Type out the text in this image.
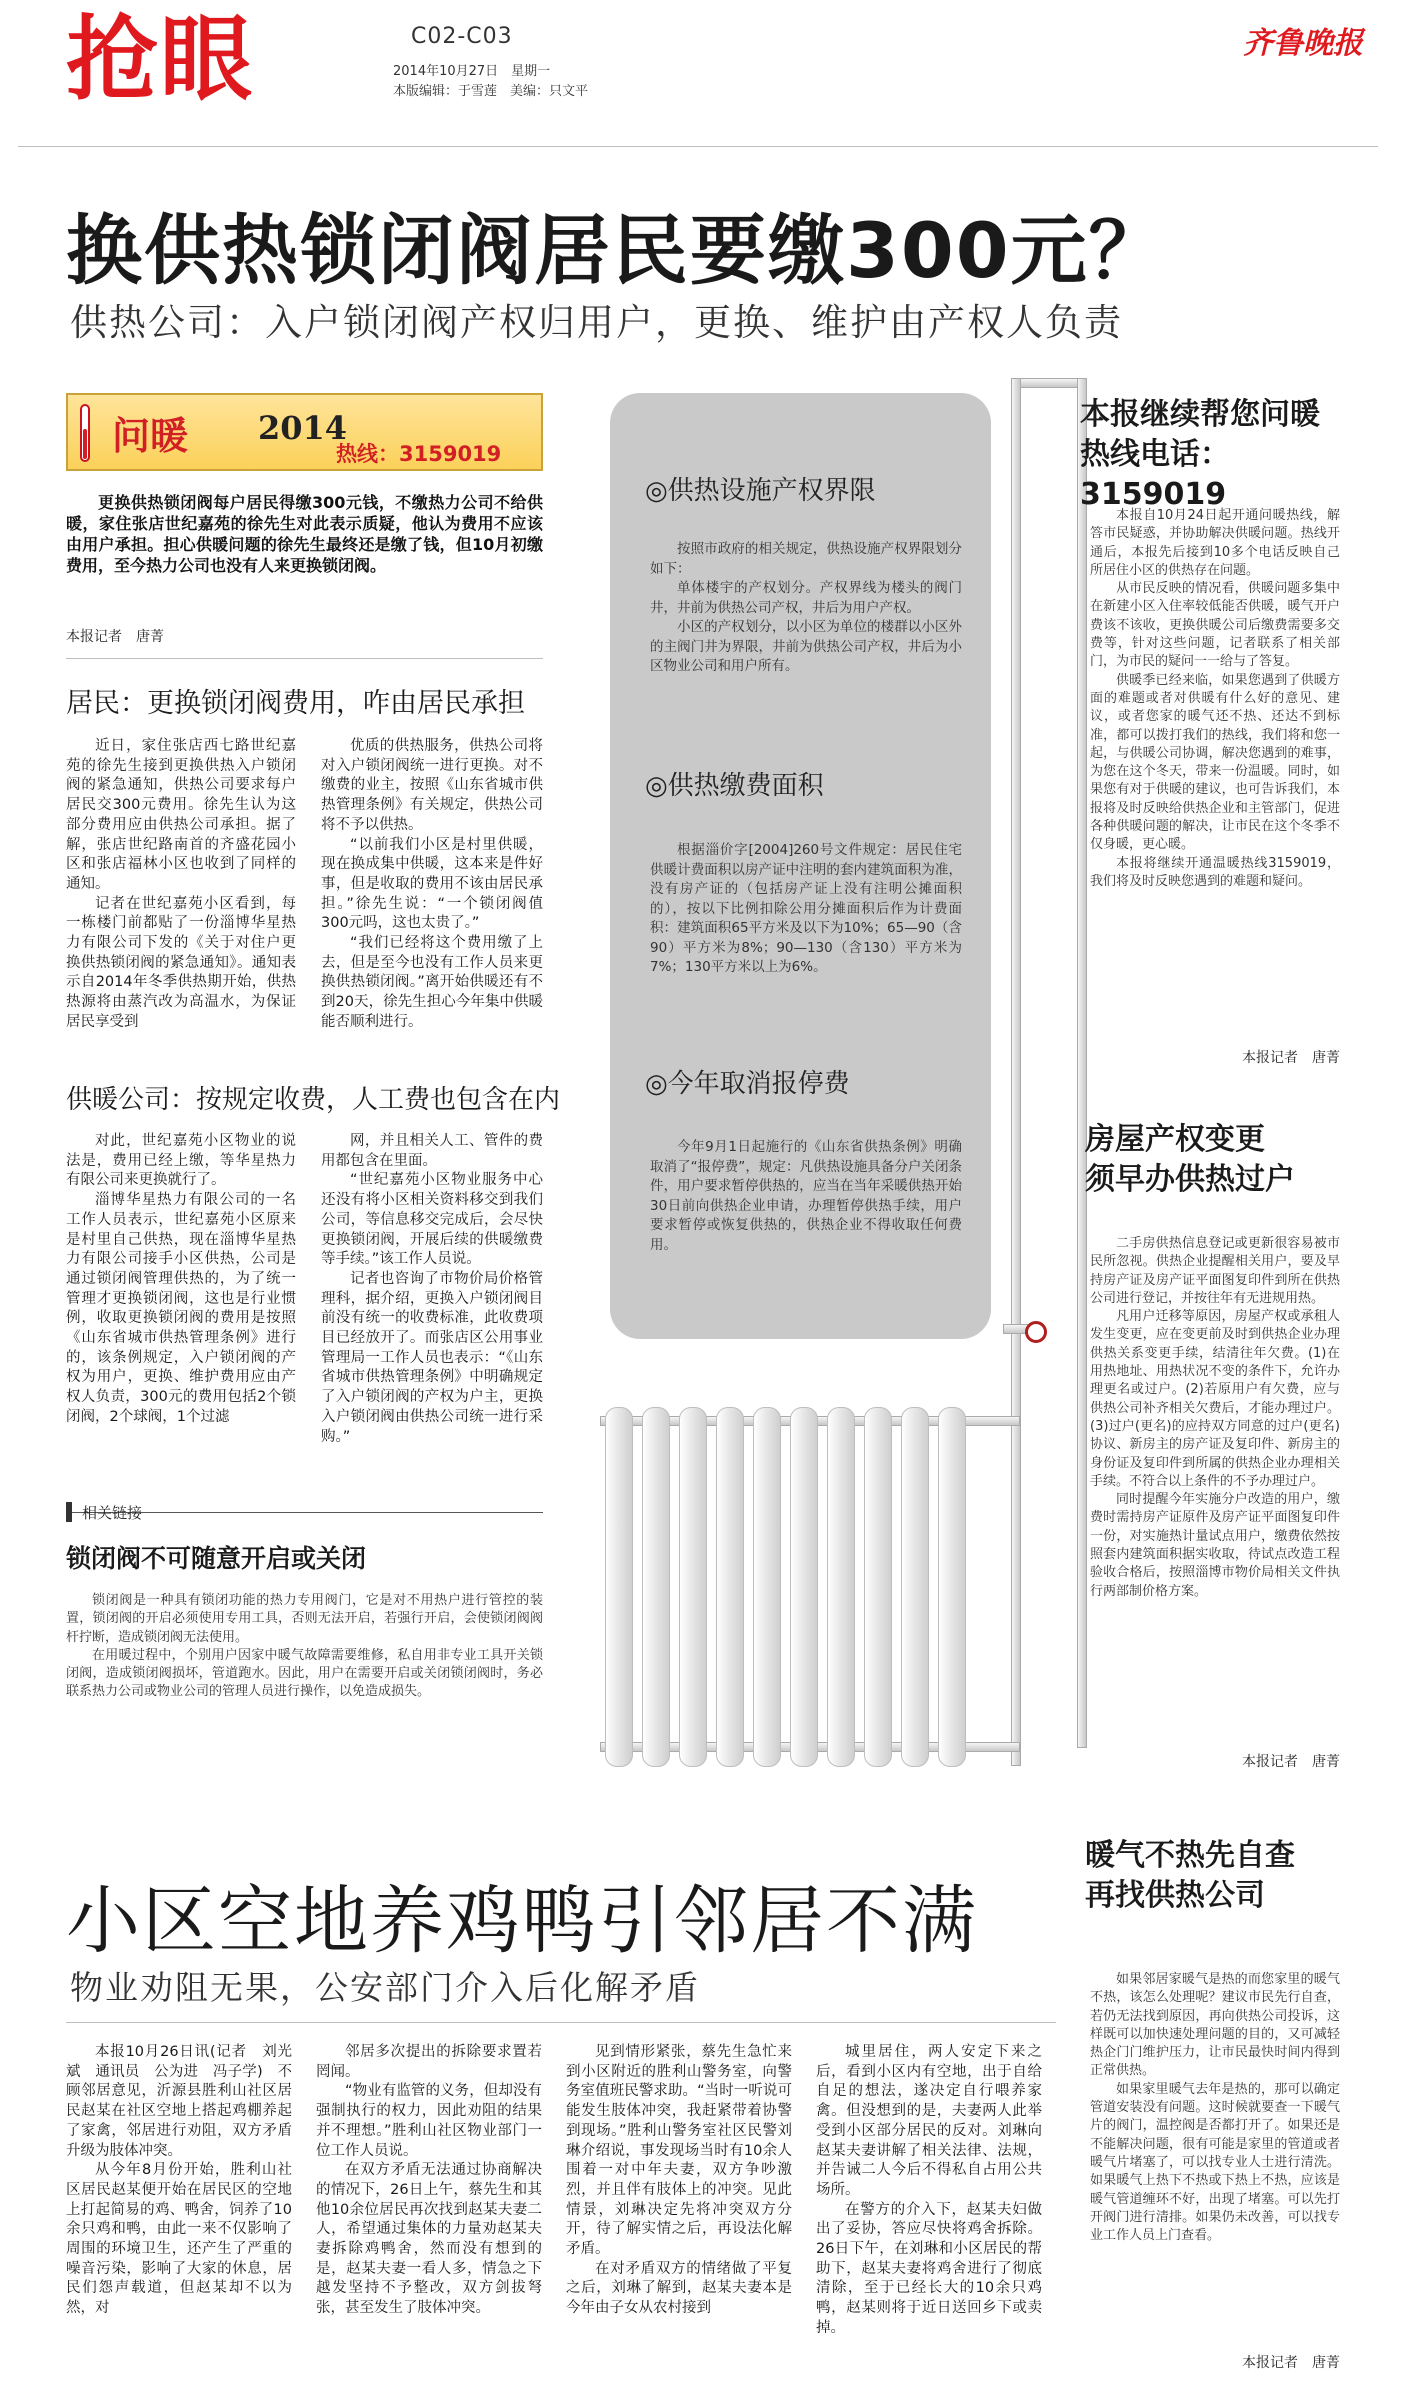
抢眼	C02-C03
2014年10月27日　星期一
本版编辑：于雪莲　美编：只文平
齐鲁晚报
换供热锁闭阀居民要缴300元？
供热公司：入户锁闭阀产权归用户，更换、维护由产权人负责
问暖 2014
热线：3159019

更换供热锁闭阀每户居民得缴300元钱，不缴热力公司不给供暖，家住张店世纪嘉苑的徐先生对此表示质疑，他认为费用不应该由用户承担。担心供暖问题的徐先生最终还是缴了钱，但10月初缴费用，至今热力公司也没有人来更换锁闭阀。

本报记者　唐菁
居民：更换锁闭阀费用，咋由居民承担

近日，家住张店西七路世纪嘉苑的徐先生接到更换供热入户锁闭阀的紧急通知，供热公司要求每户居民交300元费用。徐先生认为这部分费用应由供热公司承担。据了解，张店世纪路南首的齐盛花园小区和张店福林小区也收到了同样的通知。

记者在世纪嘉苑小区看到，每一栋楼门前都贴了一份淄博华星热力有限公司下发的《关于对住户更换供热锁闭阀的紧急通知》。通知表示自2014年冬季供热期开始，供热热源将由蒸汽改为高温水，为保证居民享受到

优质的供热服务，供热公司将对入户锁闭阀统一进行更换。对不缴费的业主，按照《山东省城市供热管理条例》有关规定，供热公司将不予以供热。

“以前我们小区是村里供暖，现在换成集中供暖，这本来是件好事，但是收取的费用不该由居民承担。”徐先生说：“一个锁闭阀值300元吗，这也太贵了。”

“我们已经将这个费用缴了上去，但是至今也没有工作人员来更换供热锁闭阀。”离开始供暖还有不到20天，徐先生担心今年集中供暖能否顺利进行。

供暖公司：按规定收费，人工费也包含在内

对此，世纪嘉苑小区物业的说法是，费用已经上缴，等华星热力有限公司来更换就行了。

淄博华星热力有限公司的一名工作人员表示，世纪嘉苑小区原来是村里自己供热，现在淄博华星热力有限公司接手小区供热，公司是通过锁闭阀管理供热的，为了统一管理才更换锁闭阀，这也是行业惯例，收取更换锁闭阀的费用是按照《山东省城市供热管理条例》进行的，该条例规定，入户锁闭阀的产权为用户，更换、维护费用应由产权人负责，300元的费用包括2个锁闭阀，2个球阀，1个过滤

网，并且相关人工、管件的费用都包含在里面。

“世纪嘉苑小区物业服务中心还没有将小区相关资料移交到我们公司，等信息移交完成后，会尽快更换锁闭阀，开展后续的供暖缴费等手续。”该工作人员说。

记者也咨询了市物价局价格管理科，据介绍，更换入户锁闭阀目前没有统一的收费标准，此收费项目已经放开了。而张店区公用事业管理局一工作人员也表示：“《山东省城市供热管理条例》中明确规定了入户锁闭阀的产权为户主，更换入户锁闭阀由供热公司统一进行采购。”

相关链接
锁闭阀不可随意开启或关闭

锁闭阀是一种具有锁闭功能的热力专用阀门，它是对不用热户进行管控的装置，锁闭阀的开启必须使用专用工具，否则无法开启，若强行开启，会使锁闭阀阀杆拧断，造成锁闭阀无法使用。

在用暖过程中，个别用户因家中暖气故障需要维修，私自用非专业工具开关锁闭阀，造成锁闭阀损坏，管道跑水。因此，用户在需要开启或关闭锁闭阀时，务必联系热力公司或物业公司的管理人员进行操作，以免造成损失。

◎供热设施产权界限

按照市政府的相关规定，供热设施产权界限划分如下：

单体楼宇的产权划分。产权界线为楼头的阀门井，井前为供热公司产权，井后为用户产权。

小区的产权划分，以小区为单位的楼群以小区外的主阀门井为界限，井前为供热公司产权，井后为小区物业公司和用户所有。

◎供热缴费面积

根据淄价字[2004]260号文件规定：居民住宅供暖计费面积以房产证中注明的套内建筑面积为准，没有房产证的（包括房产证上没有注明公摊面积的），按以下比例扣除公用分摊面积后作为计费面积：建筑面积65平方米及以下为10%；65—90（含90）平方米为8%；90—130（含130）平方米为7%；130平方米以上为6%。

◎今年取消报停费

今年9月1日起施行的《山东省供热条例》明确取消了“报停费”，规定：凡供热设施具备分户关闭条件，用户要求暂停供热的，应当在当年采暖供热开始30日前向供热企业申请，办理暂停供热手续，用户要求暂停或恢复供热的，供热企业不得收取任何费用。

本报继续帮您问暖
热线电话：3159019

本报自10月24日起开通问暖热线，解答市民疑惑，并协助解决供暖问题。热线开通后，本报先后接到10多个电话反映自己所居住小区的供热存在问题。

从市民反映的情况看，供暖问题多集中在新建小区入住率较低能否供暖，暖气开户费该不该收，更换供暖公司后缴费需要多交费等，针对这些问题，记者联系了相关部门，为市民的疑问一一给与了答复。

供暖季已经来临，如果您遇到了供暖方面的难题或者对供暖有什么好的意见、建议，或者您家的暖气还不热、还达不到标准，都可以拨打我们的热线，我们将和您一起，与供暖公司协调，解决您遇到的难事，为您在这个冬天，带来一份温暖。同时，如果您有对于供暖的建议，也可告诉我们，本报将及时反映给供热企业和主管部门，促进各种供暖问题的解决，让市民在这个冬季不仅身暖，更心暖。

本报将继续开通温暖热线3159019，我们将及时反映您遇到的难题和疑问。

本报记者　唐菁
房屋产权变更
须早办供热过户

二手房供热信息登记或更新很容易被市民所忽视。供热企业提醒相关用户，要及早持房产证及房产证平面图复印件到所在供热公司进行登记，并按往年有无进规用热。

凡用户迁移等原因，房屋产权或承租人发生变更，应在变更前及时到供热企业办理供热关系变更手续，结清往年欠费。(1)在用热地址、用热状况不变的条件下，允许办理更名或过户。(2)若原用户有欠费，应与供热公司补齐相关欠费后，才能办理过户。(3)过户(更名)的应持双方同意的过户(更名)协议、新房主的房产证及复印件、新房主的身份证及复印件到所属的供热企业办理相关手续。不符合以上条件的不予办理过户。

同时提醒今年实施分户改造的用户，缴费时需持房产证原件及房产证平面图复印件一份，对实施热计量试点用户，缴费依然按照套内建筑面积据实收取，待试点改造工程验收合格后，按照淄博市物价局相关文件执行两部制价格方案。

本报记者　唐菁
暖气不热先自查
再找供热公司

如果邻居家暖气是热的而您家里的暖气不热，该怎么处理呢？建议市民先行自查，若仍无法找到原因，再向供热公司投诉，这样既可以加快速处理问题的目的，又可减轻热企门门维护压力，让市民最快时间内得到正常供热。

如果家里暖气去年是热的，那可以确定管道安装没有问题。这时候就要查一下暖气片的阀门，温控阀是否都打开了。如果还是不能解决问题，很有可能是家里的管道或者暖气片堵塞了，可以找专业人士进行清洗。如果暖气上热下不热或下热上不热，应该是暖气管道缠环不好，出现了堵塞。可以先打开阀门进行清排。如果仍未改善，可以找专业工作人员上门查看。

本报记者　唐菁
小区空地养鸡鸭引邻居不满
物业劝阻无果，公安部门介入后化解矛盾

本报10月26日讯(记者　刘光斌　通讯员　公为进　冯子学)　不顾邻居意见，沂源县胜利山社区居民赵某在社区空地上搭起鸡棚养起了家禽，邻居进行劝阻，双方矛盾升级为肢体冲突。

从今年8月份开始，胜利山社区居民赵某便开始在居民区的空地上打起简易的鸡、鸭舍，饲养了10余只鸡和鸭，由此一来不仅影响了周围的环境卫生，还产生了严重的噪音污染，影响了大家的休息，居民们怨声载道，但赵某却不以为然，对

邻居多次提出的拆除要求置若罔闻。

“物业有监管的义务，但却没有强制执行的权力，因此劝阻的结果并不理想。”胜利山社区物业部门一位工作人员说。

在双方矛盾无法通过协商解决的情况下，26日上午，蔡先生和其他10余位居民再次找到赵某夫妻二人，希望通过集体的力量劝赵某夫妻拆除鸡鸭舍，然而没有想到的是，赵某夫妻一看人多，情急之下越发坚持不予整改，双方剑拔弩张，甚至发生了肢体冲突。

见到情形紧张，蔡先生急忙来到小区附近的胜利山警务室，向警务室值班民警求助。“当时一听说可能发生肢体冲突，我赶紧带着协警到现场。”胜利山警务室社区民警刘琳介绍说，事发现场当时有10余人围着一对中年夫妻，双方争吵激烈，并且伴有肢体上的冲突。见此情景，刘琳决定先将冲突双方分开，待了解实情之后，再设法化解矛盾。

在对矛盾双方的情绪做了平复之后，刘琳了解到，赵某夫妻本是今年由子女从农村接到

城里居住，两人安定下来之后，看到小区内有空地，出于自给自足的想法，遂决定自行喂养家禽。但没想到的是，夫妻两人此举受到小区部分居民的反对。刘琳向赵某夫妻讲解了相关法律、法规，并告诫二人今后不得私自占用公共场所。

在警方的介入下，赵某夫妇做出了妥协，答应尽快将鸡舍拆除。26日下午，在刘琳和小区居民的帮助下，赵某夫妻将鸡舍进行了彻底清除，至于已经长大的10余只鸡鸭，赵某则将于近日送回乡下或卖掉。
